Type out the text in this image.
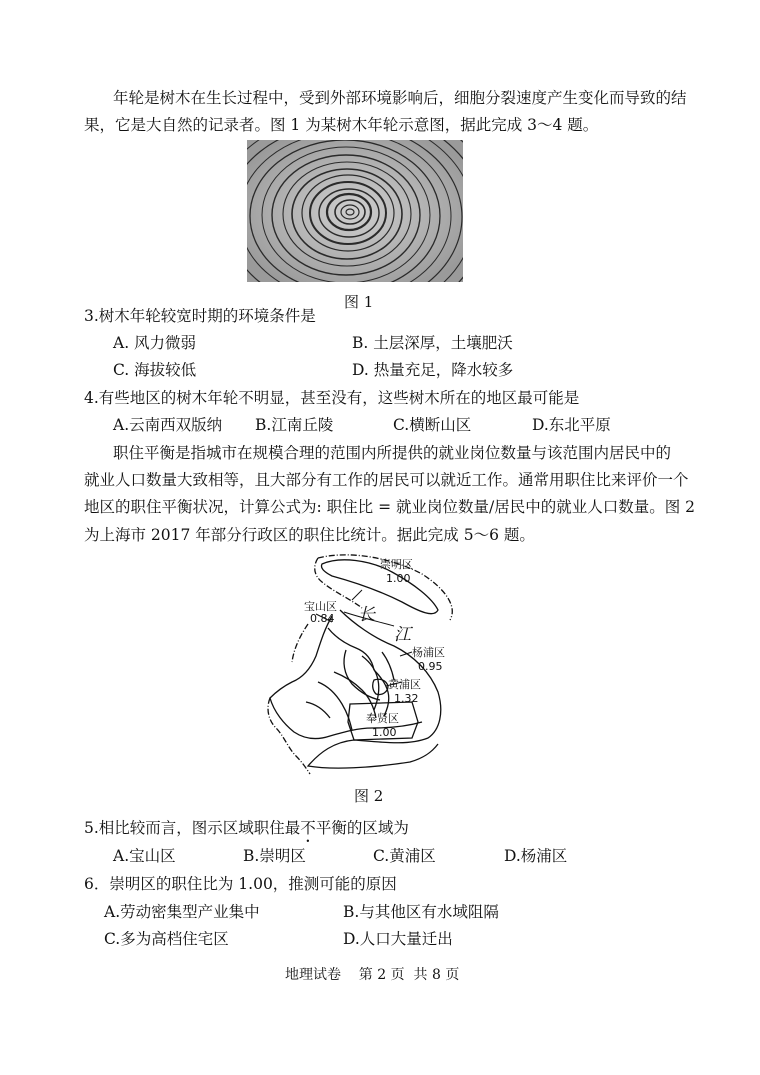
年轮是树木在生长过程中，受到外部环境影响后，细胞分裂速度产生变化而导致的结
果，它是大自然的记录者。图 1 为某树木年轮示意图，据此完成 3～4 题。
图 1
3.树木年轮较宽时期的环境条件是
A. 风力微弱	B. 土层深厚，土壤肥沃
C. 海拔较低	D. 热量充足，降水较多
4.有些地区的树木年轮不明显，甚至没有，这些树木所在的地区最可能是
A.云南西双版纳 B.江南丘陵	C.横断山区	D.东北平原
职住平衡是指城市在规模合理的范围内所提供的就业岗位数量与该范围内居民中的
就业人口数量大致相等，且大部分有工作的居民可以就近工作。通常用职住比来评价一个
地区的职住平衡状况，计算公式为: 职住比 = 就业岗位数量/居民中的就业人口数量。图 2
为上海市 2017 年部分行政区的职住比统计。据此完成 5～6 题。
崇明区
1.00
宝山区
0.84 长
江
杨浦区
0.95
黄浦区
1.32
奉贤区
1.00
图 2
5.相比较而言，图示区域职住最不平衡的区域为
A.宝山区	B.崇明区	C.黄浦区	D.杨浦区
6．崇明区的职住比为 1.00，推测可能的原因
A.劳动密集型产业集中	B.与其他区有水域阻隔
C.多为高档住宅区	D.人口大量迁出
地理试卷    第 2 页  共 8 页
